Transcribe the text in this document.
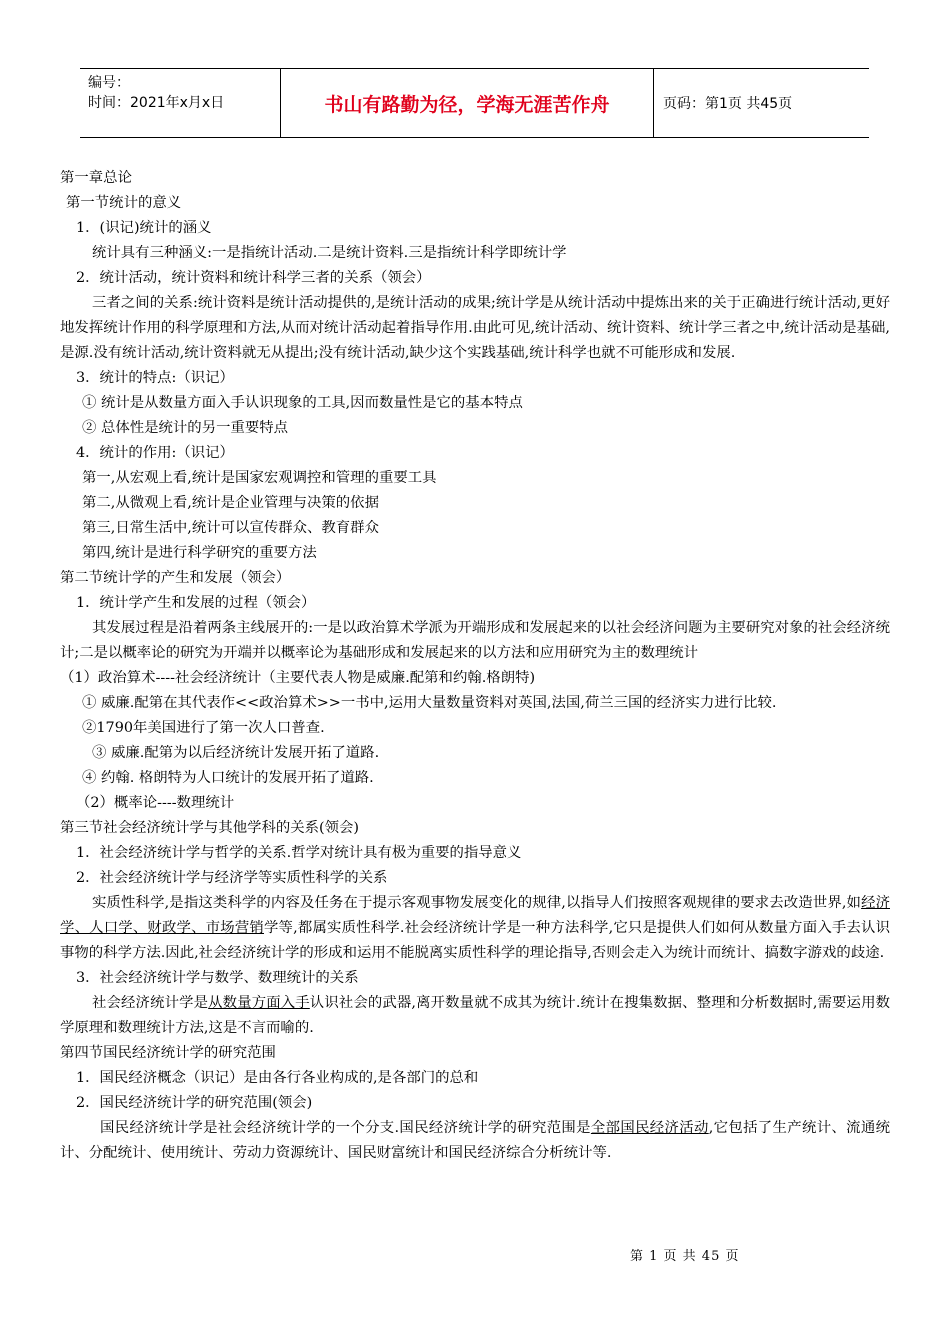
编号：
时间：2021年x月x日	书山有路勤为径，学海无涯苦作舟	页码：第1页 共45页

第一章总论

第一节统计的意义

1．(识记)统计的涵义

统计具有三种涵义:一是指统计活动.二是统计资料.三是指统计科学即统计学

2．统计活动，统计资料和统计科学三者的关系（领会）

三者之间的关系:统计资料是统计活动提供的,是统计活动的成果;统计学是从统计活动中提炼出来的关于正确进行统计活动,更好地发挥统计作用的科学原理和方法,从而对统计活动起着指导作用.由此可见,统计活动、统计资料、统计学三者之中,统计活动是基础,是源.没有统计活动,统计资料就无从提出;没有统计活动,缺少这个实践基础,统计科学也就不可能形成和发展.

3．统计的特点:（识记）

① 统计是从数量方面入手认识现象的工具,因而数量性是它的基本特点

② 总体性是统计的另一重要特点

4．统计的作用:（识记）

第一,从宏观上看,统计是国家宏观调控和管理的重要工具

第二,从微观上看,统计是企业管理与决策的依据

第三,日常生活中,统计可以宣传群众、教育群众

第四,统计是进行科学研究的重要方法

第二节统计学的产生和发展（领会）

1．统计学产生和发展的过程（领会）

其发展过程是沿着两条主线展开的:一是以政治算术学派为开端形成和发展起来的以社会经济问题为主要研究对象的社会经济统计;二是以概率论的研究为开端并以概率论为基础形成和发展起来的以方法和应用研究为主的数理统计

（1）政治算术----社会经济统计（主要代表人物是威廉.配第和约翰.格朗特)

① 威廉.配第在其代表作<<政治算术>>一书中,运用大量数量资料对英国,法国,荷兰三国的经济实力进行比较.

②1790年美国进行了第一次人口普查.

③ 威廉.配第为以后经济统计发展开拓了道路.

④ 约翰. 格朗特为人口统计的发展开拓了道路.

（2）概率论----数理统计

第三节社会经济统计学与其他学科的关系(领会)

1．社会经济统计学与哲学的关系.哲学对统计具有极为重要的指导意义

2．社会经济统计学与经济学等实质性科学的关系

实质性科学,是指这类科学的内容及任务在于提示客观事物发展变化的规律,以指导人们按照客观规律的要求去改造世界,如经济学、人口学、财政学、市场营销学等,都属实质性科学.社会经济统计学是一种方法科学,它只是提供人们如何从数量方面入手去认识事物的科学方法.因此,社会经济统计学的形成和运用不能脱离实质性科学的理论指导,否则会走入为统计而统计、搞数字游戏的歧途.

3．社会经济统计学与数学、数理统计的关系

社会经济统计学是从数量方面入手认识社会的武器,离开数量就不成其为统计.统计在搜集数据、整理和分析数据时,需要运用数学原理和数理统计方法,这是不言而喻的.

第四节国民经济统计学的研究范围

1．国民经济概念（识记）是由各行各业构成的,是各部门的总和

2．国民经济统计学的研究范围(领会)

国民经济统计学是社会经济统计学的一个分支.国民经济统计学的研究范围是全部国民经济活动,它包括了生产统计、流通统计、分配统计、使用统计、劳动力资源统计、国民财富统计和国民经济综合分析统计等.

第 1 页 共 45 页
